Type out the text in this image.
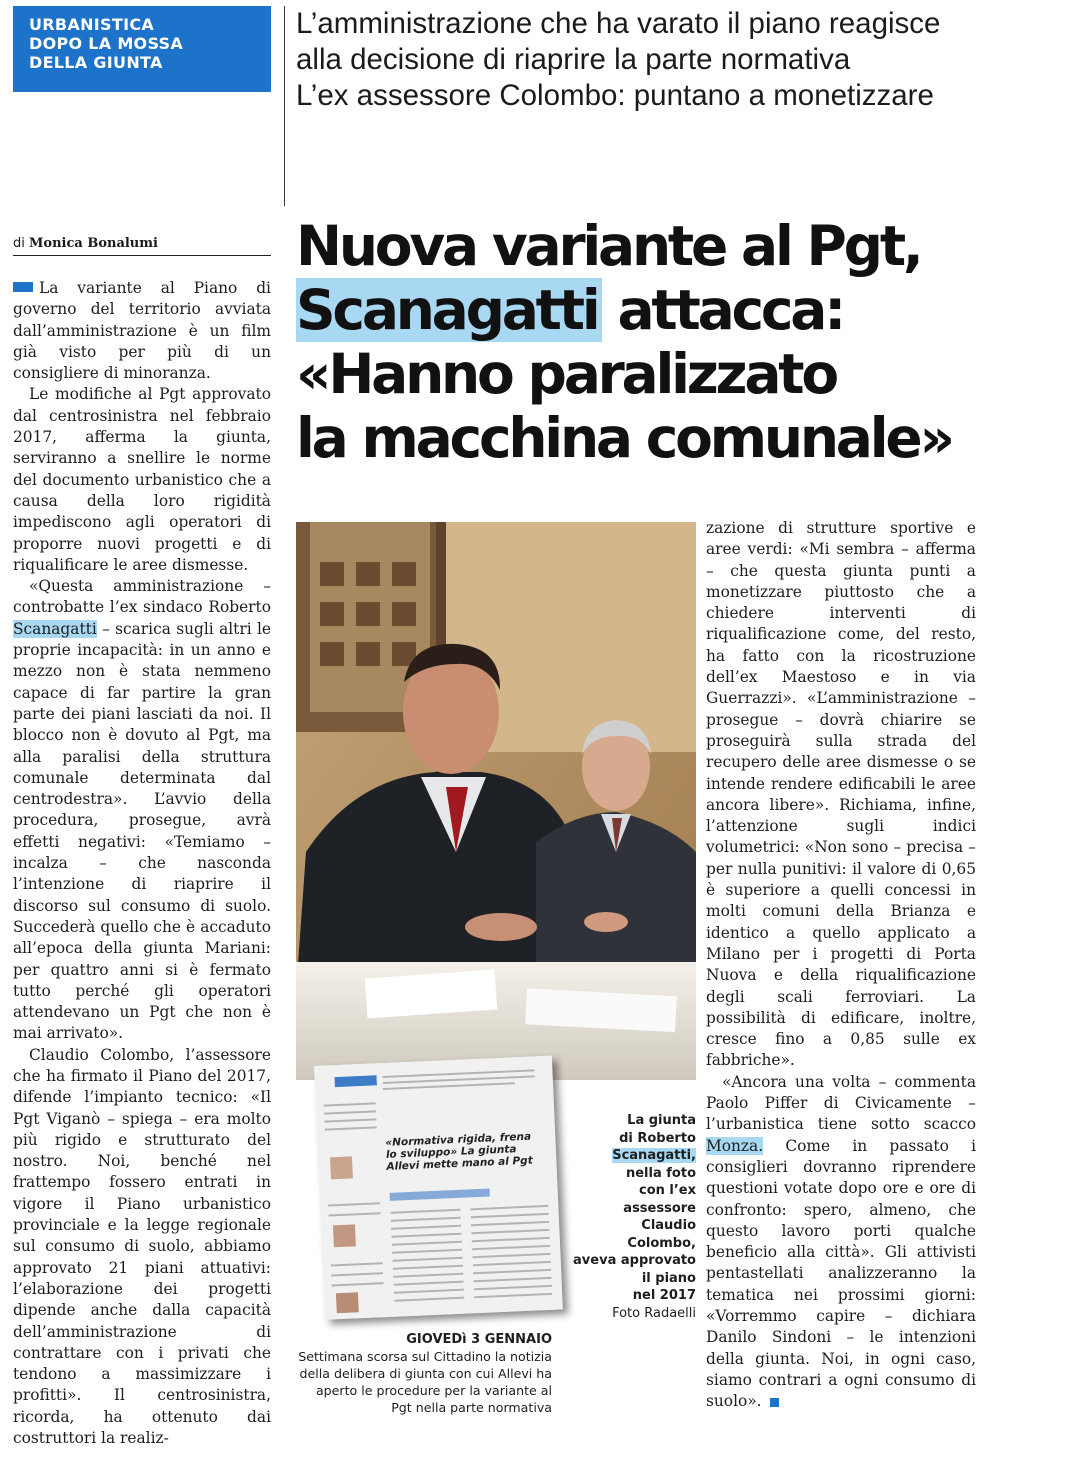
URBANISTICA
DOPO LA MOSSA
DELLA GIUNTA
L’amministrazione che ha varato il piano reagisce
alla decisione di riaprire la parte normativa
L’ex assessore Colombo: puntano a monetizzare
di Monica Bonalumi	Nuova variante al Pgt,
Scanagatti attacca:
«Hanno paralizzato
la macchina comunale»

La variante al Piano di governo del territorio avviata dall’amministrazione è un film già visto per più di un consigliere di minoranza.

Le modifiche al Pgt approvato dal centrosinistra nel febbraio 2017, afferma la giunta, serviranno a snellire le norme del documento urbanistico che a causa della loro rigidità impediscono agli operatori di proporre nuovi progetti e di riqualificare le aree dismesse.

«Questa amministrazione – controbatte l’ex sindaco Roberto Scanagatti – scarica sugli altri le proprie incapacità: in un anno e mezzo non è stata nemmeno capace di far partire la gran parte dei piani lasciati da noi. Il blocco non è dovuto al Pgt, ma alla paralisi della struttura comunale determinata dal centrodestra». L’avvio della procedura, prosegue, avrà effetti negativi: «Temiamo – incalza – che nasconda l’intenzione di riaprire il discorso sul consumo di suolo. Succederà quello che è accaduto all’epoca della giunta Mariani: per quattro anni si è fermato tutto perché gli operatori attendevano un Pgt che non è mai arrivato».

Claudio Colombo, l’assessore che ha firmato il Piano del 2017, difende l’impianto tecnico: «Il Pgt Viganò – spiega – era molto più rigido e strutturato del nostro. Noi, benché nel frattempo fossero entrati in vigore il Piano urbanistico provinciale e la legge regionale sul consumo di suolo, abbiamo approvato 21 piani attuativi: l’elaborazione dei progetti dipende anche dalla capacità dell’amministrazione di contrattare con i privati che tendono a massimizzare i profitti». Il centrosinistra, ricorda, ha ottenuto dai costruttori la realiz-

«Normativa rigida, frena lo sviluppo» La giunta Allevi mette mano al Pgt
La giunta
di Roberto
Scanagatti,
nella foto
con l’ex
assessore
Claudio
Colombo,
aveva approvato
il piano
nel 2017
Foto Radaelli
GIOVEDì 3 GENNAIO
Settimana scorsa sul Cittadino la notizia della delibera di giunta con cui Allevi ha aperto le procedure per la variante al Pgt nella parte normativa

zazione di strutture sportive e aree verdi: «Mi sembra – afferma – che questa giunta punti a monetizzare piuttosto che a chiedere interventi di riqualificazione come, del resto, ha fatto con la ricostruzione dell’ex Maestoso e in via Guerrazzi». «L’amministrazione – prosegue – dovrà chiarire se proseguirà sulla strada del recupero delle aree dismesse o se intende rendere edificabili le aree ancora libere». Richiama, infine, l’attenzione sugli indici volumetrici: «Non sono – precisa – per nulla punitivi: il valore di 0,65 è superiore a quelli concessi in molti comuni della Brianza e identico a quello applicato a Milano per i progetti di Porta Nuova e della riqualificazione degli scali ferroviari. La possibilità di edificare, inoltre, cresce fino a 0,85 sulle ex fabbriche».

«Ancora una volta – commenta Paolo Piffer di Civicamente – l’urbanistica tiene sotto scacco Monza. Come in passato i consiglieri dovranno riprendere questioni votate dopo ore e ore di confronto: spero, almeno, che questo lavoro porti qualche beneficio alla città». Gli attivisti pentastellati analizzeranno la tematica nei prossimi giorni: «Vorremmo capire – dichiara Danilo Sindoni – le intenzioni della giunta. Noi, in ogni caso, siamo contrari a ogni consumo di suolo».
